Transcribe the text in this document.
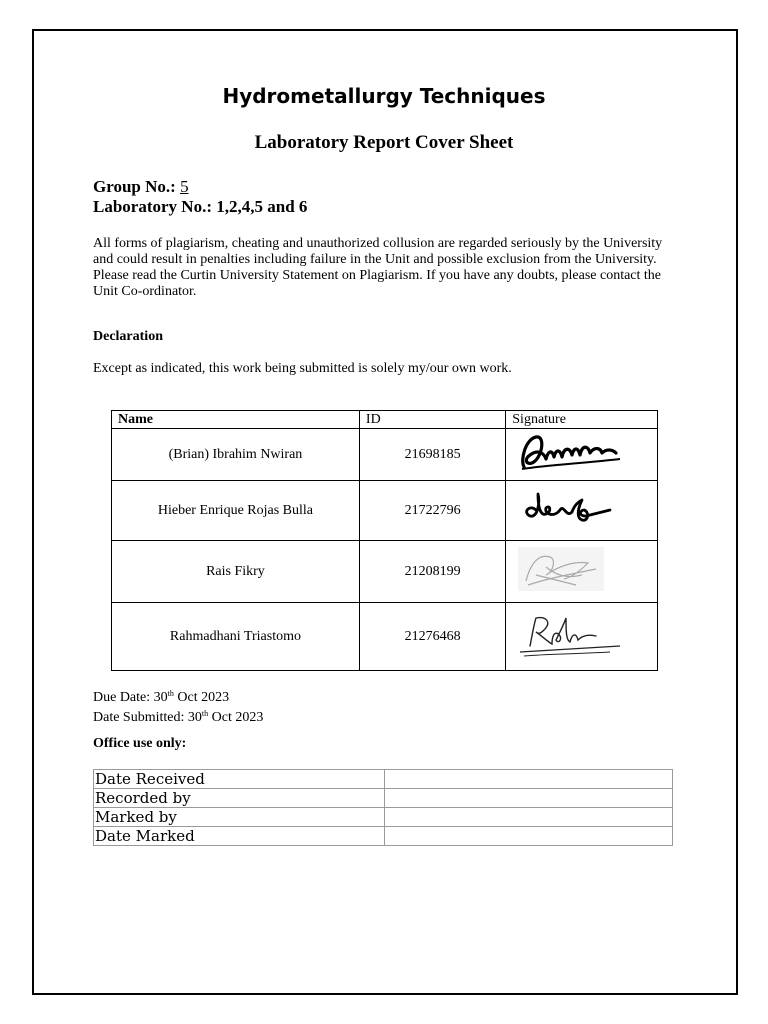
Hydrometallurgy Techniques
Laboratory Report Cover Sheet
Group No.: 5
Laboratory No.: 1,2,4,5 and 6
All forms of plagiarism, cheating and unauthorized collusion are regarded seriously by the University and could result in penalties including failure in the Unit and possible exclusion from the University. Please read the Curtin University Statement on Plagiarism. If you have any doubts, please contact the Unit Co-ordinator.
Declaration
Except as indicated, this work being submitted is solely my/our own work.
Name	ID	Signature
(Brian) Ibrahim Nwiran	21698185	
Hieber Enrique Rojas Bulla	21722796	
Rais Fikry	21208199	
Rahmadhani Triastomo	21276468	
Due Date: 30th Oct 2023
Date Submitted: 30th Oct 2023
Office use only:
Date Received	
Recorded by	
Marked by	
Date Marked	
